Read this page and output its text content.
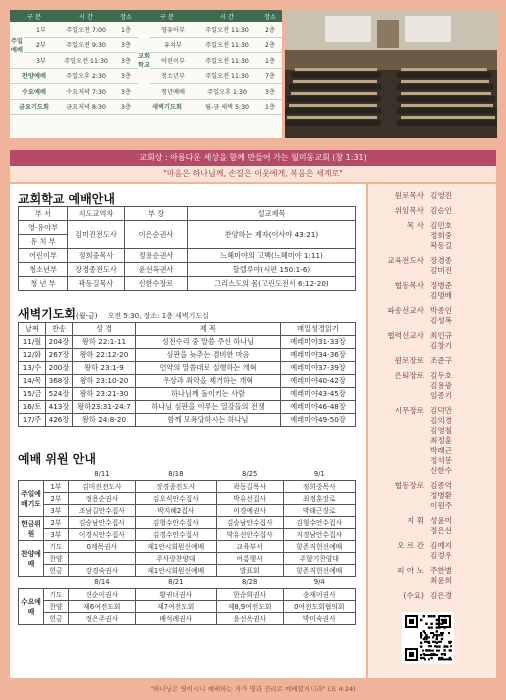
구 분		시 간	장소	구 분		시 간	장소
주일예배	1부	주일오전 7:00	1층	교회학교	영유아부	주일오전 11:30	2층
	2부	주일오전 9:30	3층		유치부	주일오전 11:30	2층
	3부	주일오전 11:30	3층		어린이부	주일오전 11:30	1층
찬양예배		주일오후 2:30	3층		청소년부	주일오전 11:30	7층
수요예배		수요저녁 7:30	3층		청년예배	주일오후 1:30	3층
금요기도회		금요저녁 8:30	3층	새벽기도회		월-금 새벽 5:30	1층
교회상 : 아름다운 세상을 함께 만들어 가는 월미동교회 (창 1:31)
"마음은 하나님께, 손길은 이웃에게, 복음은 세계로"
교회학교 예배안내
부 서	지도교역자	부 장	설교제목
영·유아부	김미진전도사	이은순권사	찬양하는 제자(이사야 43:21)
유 치 부			
어린이부	정희중목사	정용순권사	느헤미야의 고백(느헤미야 1:11)
청소년부	장경종전도사	윤선옥권사	할렐루야(시편 150:1-6)
청 년 부	곽동길목사	신한수장로	그리스도의 몸(고린도전서 6:12-20)
새벽기도회(월-금) 오전 5:30, 장소: 1층 새벽기도실
날짜	찬송	성 경	제 목	매일성경읽기
11/월	204장	왕하 22:1-11	성전수리 중 말씀 주신 하나님	예레미야31-33장
12/화	267장	왕하 22:12-20	심판을 늦추는 겸비한 마음	예레미야34-36장
13/수	200장	왕하 23:1-9	언약의 말씀대로 실행하는 개혁	예레미야37-39장
14/목	368장	왕하 23:10-20	우상과 죄악을 제거하는 개혁	예레미야40-42장
15/금	524장	왕하 23:21-30	하나님께 돌이키는 사람	예레미야43-45장
16/토	413장	왕하23:31-24:7	하나님 심판을 이루는 열강들의 전쟁	예레미야46-48장
17/주	426장	왕하 24:8-20	함께 모욕당하시는 하나님	예레미야49-50장
예배 위원 안내
		8/11	8/18	8/25	9/1
주일예배기도	1부	김미진전도사	장경종전도사	곽동길목사	정희중목사
	2부	정용순권사	김오식안수집사	박유선집사	최정훈장로
	3부	조남길안수집사	박지혜2집사	이경예권사	박래근장로
헌금위원	2부	김승남안수집사	김형수안수집사	김승남안수집사	김형수안수집사
	3부	이경식안수집사	김경수안수집사	박유선안수집사	지경남안수집사
찬양예배	기도	0계목권사	제1안시회원신예배	교육부서	항존직헌신예배
	찬양		주사랑찬양대	여름행사	주향기찬양대
	헌금	강경숙권사	제1안시회원신예배	발표회	항존직헌신예배
		8/14	8/21	8/28	9/4
수요예배	기도	신순이권사	황귀녀권사	한순희권사	송재이권사
	찬양	제6여전도회	제7여전도회	제8,9여전도회	0여전도회협의회
	헌금	정은주권사	배석례권사	윤선옥권사	박미숙권사
원로목사 김영진
위임목사 김승인
목 사 김민호
정희중
곽동길
교육전도사 장경종
김미진
협동목사 정병준
김명배
파송선교사 박종인
김성복
협력선교사 최인규
김창기
원로장로 조준구
은퇴장로 김두호
김용광
임종기
시무장로 김덕만
김의경
김영철
최정훈
박래근
정석봉
신한수
협동장로 김종억
정병환
이원주
지 휘 성윤미
정은선
오 르 간 김예지
김정우
피 아 노 주한별
최윤희
(수요) 김은경
"하나님은 영이시니 예배하는 자가 영과 진리로 예배할지니라" (요 4:24)
